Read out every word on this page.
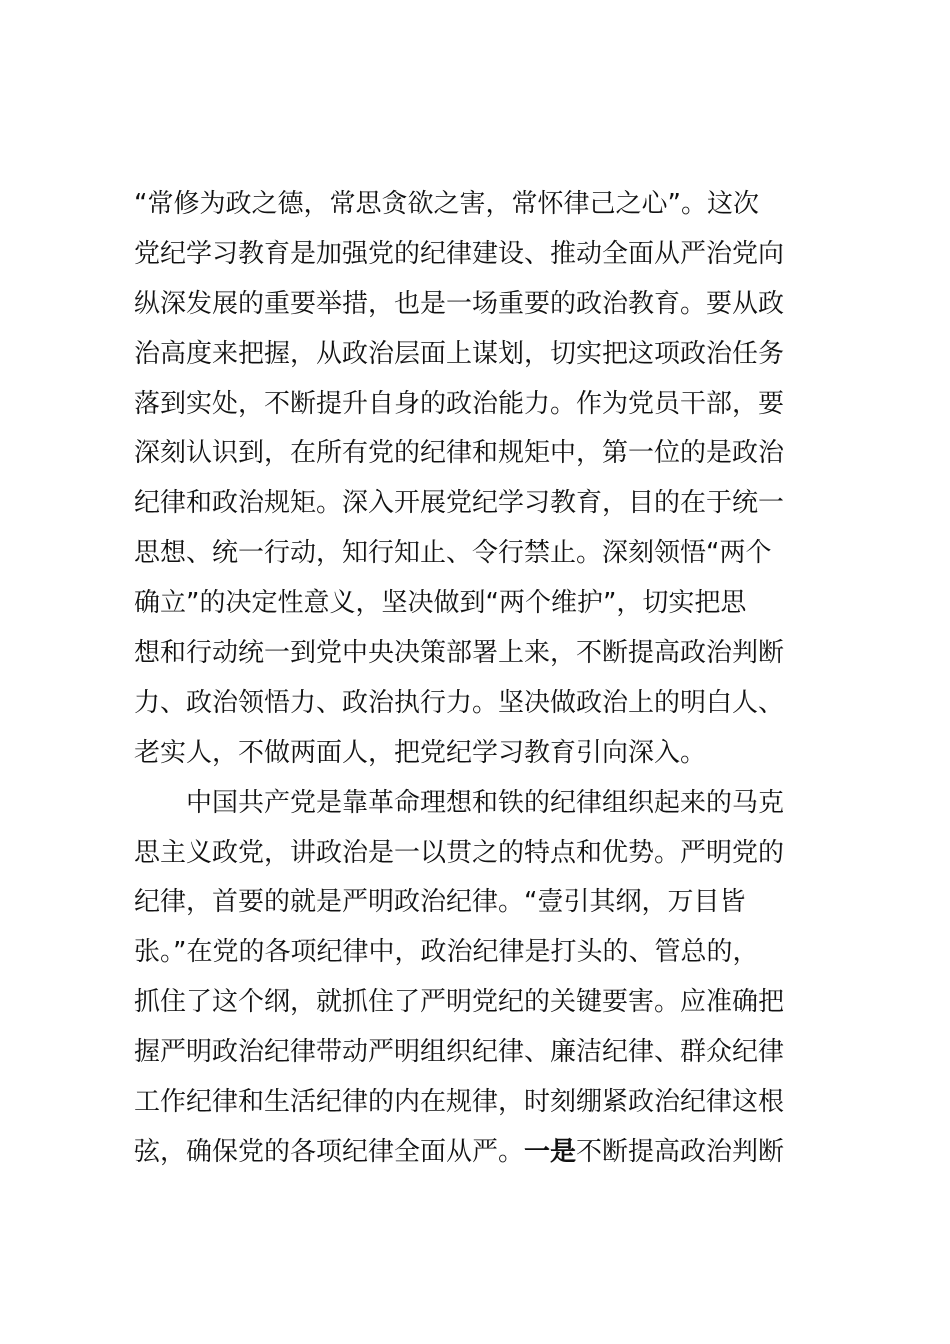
“常修为政之德，常思贪欲之害，常怀律己之心”。这次
党纪学习教育是加强党的纪律建设、推动全面从严治党向
纵深发展的重要举措，也是一场重要的政治教育。要从政
治高度来把握，从政治层面上谋划，切实把这项政治任务
落到实处，不断提升自身的政治能力。作为党员干部，要
深刻认识到，在所有党的纪律和规矩中，第一位的是政治
纪律和政治规矩。深入开展党纪学习教育，目的在于统一
思想、统一行动，知行知止、令行禁止。深刻领悟“两个
确立”的决定性意义，坚决做到“两个维护”，切实把思
想和行动统一到党中央决策部署上来，不断提高政治判断
力、政治领悟力、政治执行力。坚决做政治上的明白人、
老实人，不做两面人，把党纪学习教育引向深入。
中国共产党是靠革命理想和铁的纪律组织起来的马克
思主义政党，讲政治是一以贯之的特点和优势。严明党的
纪律，首要的就是严明政治纪律。“壹引其纲，万目皆
张。”在党的各项纪律中，政治纪律是打头的、管总的，
抓住了这个纲，就抓住了严明党纪的关键要害。应准确把
握严明政治纪律带动严明组织纪律、廉洁纪律、群众纪律
工作纪律和生活纪律的内在规律，时刻绷紧政治纪律这根
弦，确保党的各项纪律全面从严。一是不断提高政治判断
